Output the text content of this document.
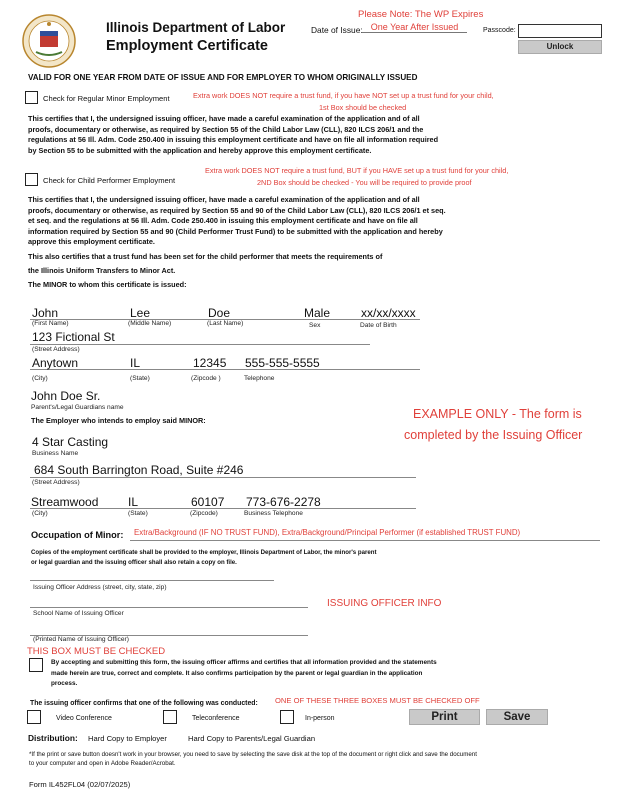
Illinois Department of Labor
Employment Certificate
Please Note: The WP Expires
Date of Issue: One Year After Issued	Passcode:
Unlock
VALID FOR ONE YEAR FROM DATE OF ISSUE AND FOR EMPLOYER TO WHOM ORIGINALLY ISSUED
Check for Regular Minor Employment	Extra work DOES NOT require a trust fund, if you have NOT set up a trust fund for your child,
1st Box should be checked
This certifies that I, the undersigned issuing officer, have made a careful examination of the application and of all proofs, documentary or otherwise, as required by Section 55 of the Child Labor Law (CLL), 820 ILCS 206/1 and the regulations at 56 Ill. Adm. Code 250.400 in issuing this employment certificate and have on file all information required by Section 55 to be submitted with the application and hereby approve this employment certificate.
Check for Child Performer Employment
Extra work DOES NOT require a trust fund, BUT if you HAVE set up a trust fund for your child,
2ND Box should be checked - You will be required to provide proof
This certifies that I, the undersigned issuing officer, have made a careful examination of the application and of all proofs, documentary or otherwise, as required by Section 55 and 90 of the Child Labor Law (CLL), 820 ILCS 206/1 et seq. et seq. and the regulations at 56 Ill. Adm. Code 250.400 in issuing this employment certificate and have on file all information required by Section 55 and 90 (Child Performer Trust Fund) to be submitted with the application and hereby approve this employment certificate.
This also certifies that a trust fund has been set for the child performer that meets the requirements of
the Illinois Uniform Transfers to Minor Act.
The MINOR to whom this certificate is issued:
John	Lee	Doe	Male	xx/xx/xxxx
(First Name)	(Middle Name)	(Last Name)	Sex	Date of Birth
123 Fictional St
(Street Address)
Anytown	IL	12345 555-555-5555
(City)	(State)	(Zipcode )	Telephone
John Doe Sr.
Parent's/Legal Guardians name
The Employer who intends to employ said MINOR:	EXAMPLE ONLY - The form is
completed by the Issuing Officer
4 Star Casting
Business Name
684 South Barrington Road, Suite #246
(Street Address)
Streamwood IL	60107 773-676-2278
(City)	(State)	(Zipcode)	Business Telephone
Occupation of Minor: Extra/Background (IF NO TRUST FUND), Extra/Background/Principal Performer (if established TRUST FUND)
Copies of the employment certificate shall be provided to the employer, Illinois Department of Labor, the minor's parent
or legal guardian and the issuing officer shall also retain a copy on file.
Issuing Officer Address (street, city, state, zip)
School Name of Issuing Officer
ISSUING OFFICER INFO
(Printed Name of Issuing Officer)
THIS BOX MUST BE CHECKED
By accepting and submitting this form, the issuing officer affirms and certifies that all information provided and the statements made herein are true, correct and complete. It also confirms participation by the parent or legal guardian in the application process.
The issuing officer confirms that one of the following was conducted: ONE OF THESE THREE BOXES MUST BE CHECKED OFF
Video Conference	Teleconference	In-person	Print	Save
Distribution: Hard Copy to Employer	Hard Copy to Parents/Legal Guardian
*If the print or save button doesn't work in your browser, you need to save by selecting the save disk at the top of the document or right click and save the document
to your computer and open in Adobe Reader/Acrobat.
Form IL452FL04 (02/07/2025)
